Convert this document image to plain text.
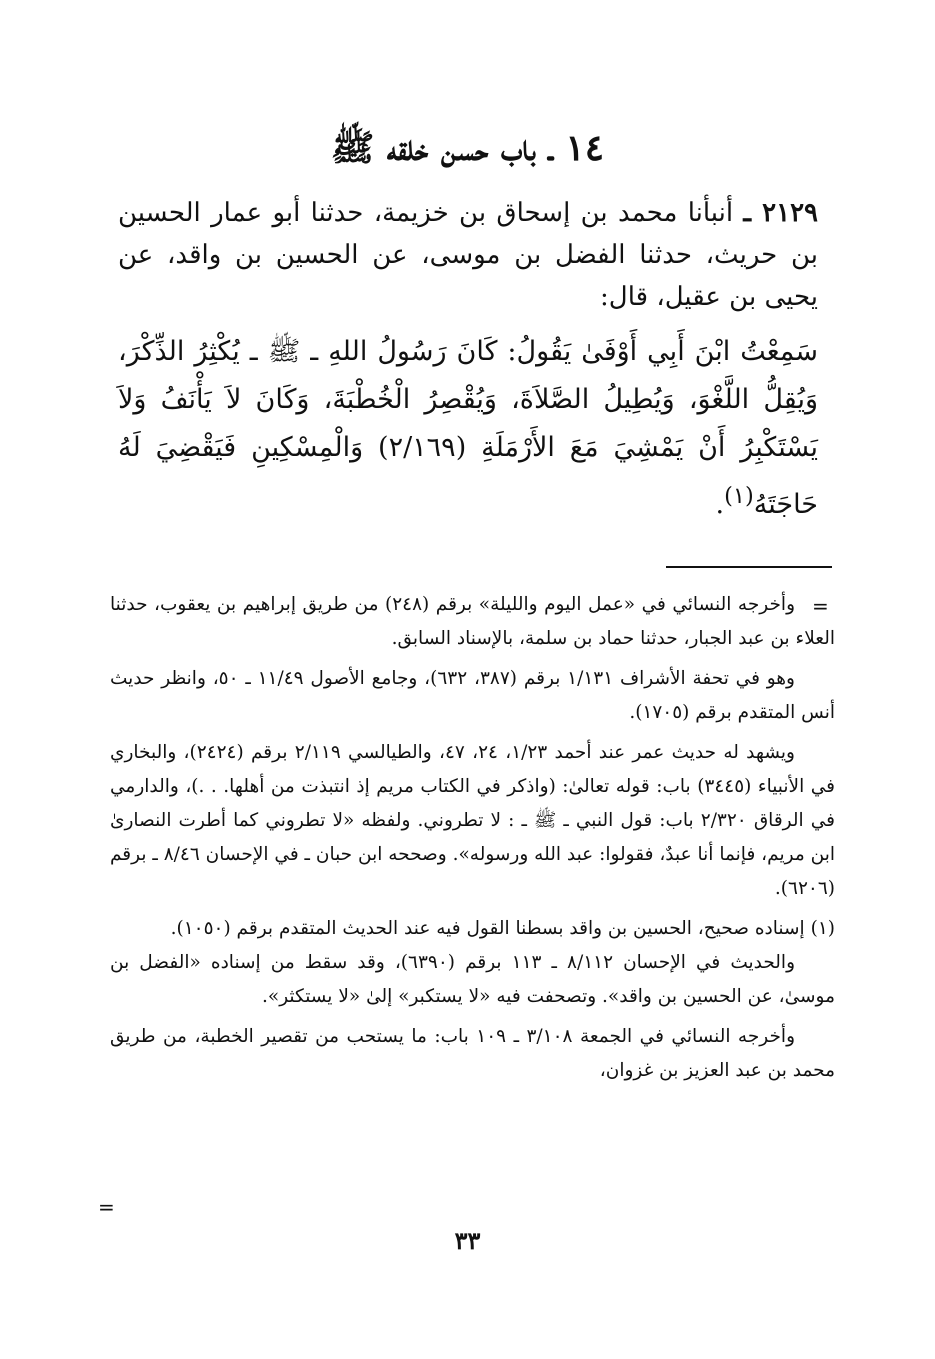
١٤ ـ باب حسن خلقه ﷺ

٢١٢٩ ـ أنبأنا محمد بن إسحاق بن خزيمة، حدثنا أبو عمار الحسين بن حريث، حدثنا الفضل بن موسى، عن الحسين بن واقد، عن يحيى بن عقيل، قال:

سَمِعْتُ ابْنَ أَبِي أَوْفَىٰ يَقُولُ: كَانَ رَسُولُ اللهِ ـ ﷺ ـ يُكْثِرُ الذِّكْرَ، وَيُقِلُّ اللَّغْوَ، وَيُطِيلُ الصَّلاَةَ، وَيُقْصِرُ الْخُطْبَةَ، وَكَانَ لاَ يَأْنَفُ وَلاَ يَسْتَكْبِرُ أَنْ يَمْشِيَ مَعَ الأَرْمَلَةِ (٢/١٦٩) وَالْمِسْكِينِ فَيَقْضِيَ لَهُ حَاجَتَهُ$^{(١)}$.

=

وأخرجه النسائي في «عمل اليوم والليلة» برقم (٢٤٨) من طريق إبراهيم بن يعقوب، حدثنا العلاء بن عبد الجبار، حدثنا حماد بن سلمة، بالإسناد السابق.

وهو في تحفة الأشراف ١/١٣١ برقم (٣٨٧، ٦٣٢)، وجامع الأصول ١١/٤٩ ـ ٥٠، وانظر حديث أنس المتقدم برقم (١٧٠٥).

ويشهد له حديث عمر عند أحمد ١/٢٣، ٢٤، ٤٧، والطيالسي ٢/١١٩ برقم (٢٤٢٤)، والبخاري في الأنبياء (٣٤٤٥) باب: قوله تعالىٰ: (واذكر في الكتاب مريم إذ انتبذت من أهلها. . .)، والدارمي في الرقاق ٢/٣٢٠ باب: قول النبي ـ ﷺ ـ : لا تطروني. ولفظه «لا تطروني كما أطرت النصارىٰ ابن مريم، فإنما أنا عبدٌ، فقولوا: عبد الله ورسوله». وصححه ابن حبان ـ في الإحسان ٨/٤٦ ـ برقم (٦٢٠٦).

(١)
إسناده صحيح، الحسين بن واقد بسطنا القول فيه عند الحديث المتقدم برقم (١٠٥٠).

والحديث في الإحسان ٨/١١٢ ـ ١١٣ برقم (٦٣٩٠)، وقد سقط من إسناده «الفضل بن موسىٰ، عن الحسين بن واقد». وتصحفت فيه «لا يستكبر» إلىٰ «لا يستكثر».

وأخرجه النسائي في الجمعة ٣/١٠٨ ـ ١٠٩ باب: ما يستحب من تقصير الخطبة، من طريق محمد بن عبد العزيز بن غزوان،

=
٣٣
